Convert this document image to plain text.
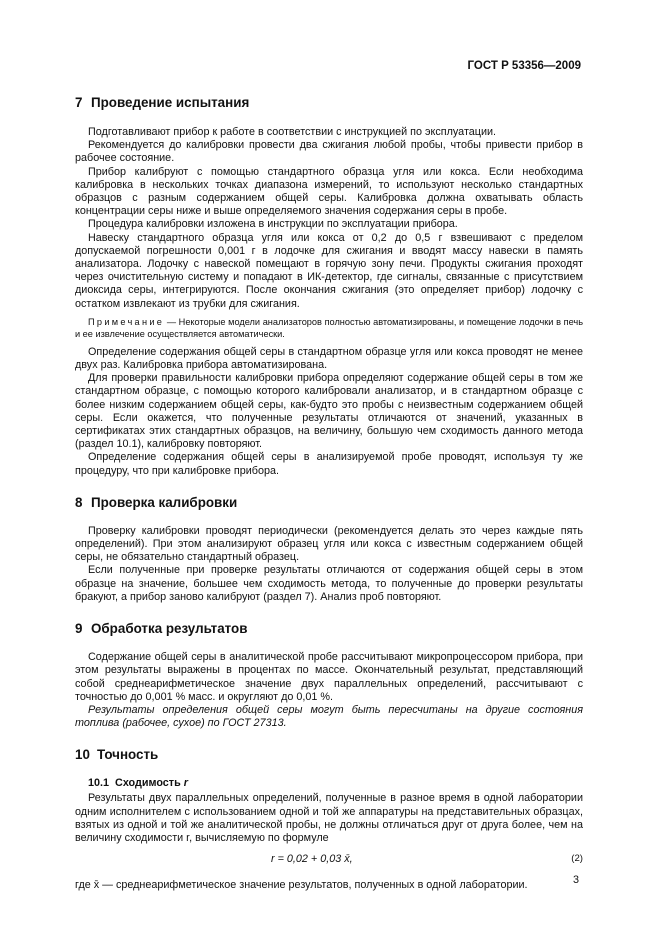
ГОСТ Р 53356—2009
7 Проведение испытания

Подготавливают прибор к работе в соответствии с инструкцией по эксплуатации.

Рекомендуется до калибровки провести два сжигания любой пробы, чтобы привести прибор в рабочее состояние.

Прибор калибруют с помощью стандартного образца угля или кокса. Если необходима калибровка в нескольких точках диапазона измерений, то используют несколько стандартных образцов с разным содержанием общей серы. Калибровка должна охватывать область концентрации серы ниже и выше определяемого значения содержания серы в пробе.

Процедура калибровки изложена в инструкции по эксплуатации прибора.

Навеску стандартного образца угля или кокса от 0,2 до 0,5 г взвешивают с пределом допускаемой погрешности 0,001 г в лодочке для сжигания и вводят массу навески в память анализатора. Лодочку с навеской помещают в горячую зону печи. Продукты сжигания проходят через очистительную систему и попадают в ИК-детектор, где сигналы, связанные с присутствием диоксида серы, интегрируются. После окончания сжигания (это определяет прибор) лодочку с остатком извлекают из трубки для сжигания.

Примечание — Некоторые модели анализаторов полностью автоматизированы, и помещение лодочки в печь и ее извлечение осуществляется автоматически.

Определение содержания общей серы в стандартном образце угля или кокса проводят не менее двух раз. Калибровка прибора автоматизирована.

Для проверки правильности калибровки прибора определяют содержание общей серы в том же стандартном образце, с помощью которого калибровали анализатор, и в стандартном образце с более низким содержанием общей серы, как-будто это пробы с неизвестным содержанием общей серы. Если окажется, что полученные результаты отличаются от значений, указанных в сертификатах этих стандартных образцов, на величину, большую чем сходимость данного метода (раздел 10.1), калибровку повторяют.

Определение содержания общей серы в анализируемой пробе проводят, используя ту же процедуру, что при калибровке прибора.

8 Проверка калибровки

Проверку калибровки проводят периодически (рекомендуется делать это через каждые пять определений). При этом анализируют образец угля или кокса с известным содержанием общей серы, не обязательно стандартный образец.

Если полученные при проверке результаты отличаются от содержания общей серы в этом образце на значение, большее чем сходимость метода, то полученные до проверки результаты бракуют, а прибор заново калибруют (раздел 7). Анализ проб повторяют.

9 Обработка результатов

Содержание общей серы в аналитической пробе рассчитывают микропроцессором прибора, при этом результаты выражены в процентах по массе. Окончательный результат, представляющий собой среднеарифметическое значение двух параллельных определений, рассчитывают с точностью до 0,001 % масс. и округляют до 0,01 %.

Результаты определения общей серы могут быть пересчитаны на другие состояния топлива (рабочее, сухое) по ГОСТ 27313.

10 Точность

10.1 Сходимость r

Результаты двух параллельных определений, полученные в разное время в одной лаборатории одним исполнителем с использованием одной и той же аппаратуры на представительных образцах, взятых из одной и той же аналитической пробы, не должны отличаться друг от друга более, чем на величину сходимости r, вычисляемую по формуле

r = 0,02 + 0,03 x̄,	(2)

где x̄ — среднеарифметическое значение результатов, полученных в одной лаборатории.	3
